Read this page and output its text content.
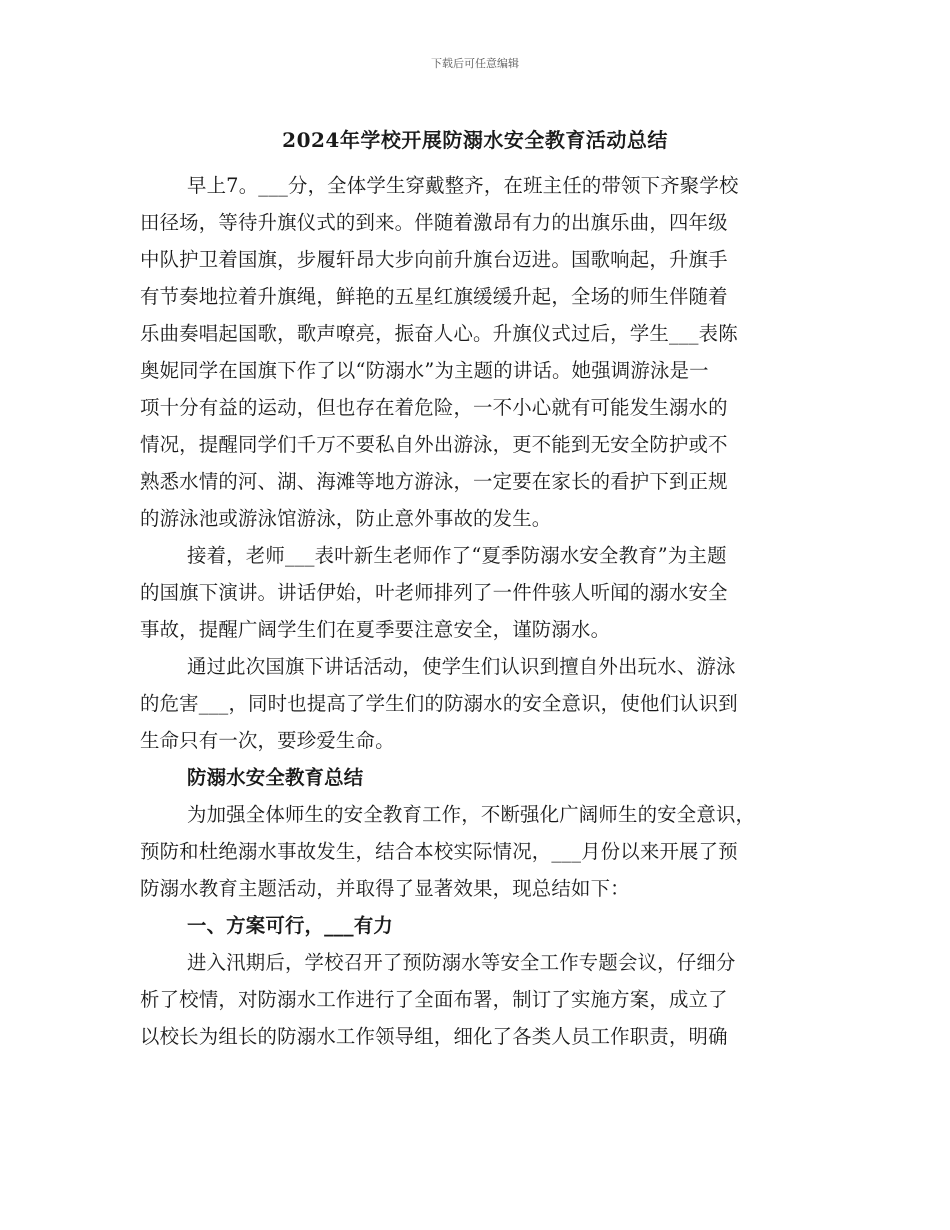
下载后可任意编辑
2024年学校开展防溺水安全教育活动总结
早上7。___分，全体学生穿戴整齐，在班主任的带领下齐聚学校
田径场，等待升旗仪式的到来。伴随着激昂有力的出旗乐曲，四年级
中队护卫着国旗，步履轩昂大步向前升旗台迈进。国歌响起，升旗手
有节奏地拉着升旗绳，鲜艳的五星红旗缓缓升起，全场的师生伴随着
乐曲奏唱起国歌，歌声嘹亮，振奋人心。升旗仪式过后，学生___表陈
奥妮同学在国旗下作了以“防溺水”为主题的讲话。她强调游泳是一
项十分有益的运动，但也存在着危险，一不小心就有可能发生溺水的
情况，提醒同学们千万不要私自外出游泳，更不能到无安全防护或不
熟悉水情的河、湖、海滩等地方游泳，一定要在家长的看护下到正规
的游泳池或游泳馆游泳，防止意外事故的发生。
接着，老师___表叶新生老师作了“夏季防溺水安全教育”为主题
的国旗下演讲。讲话伊始，叶老师排列了一件件骇人听闻的溺水安全
事故，提醒广阔学生们在夏季要注意安全，谨防溺水。
通过此次国旗下讲话活动，使学生们认识到擅自外出玩水、游泳
的危害___，同时也提高了学生们的防溺水的安全意识，使他们认识到
生命只有一次，要珍爱生命。
防溺水安全教育总结
为加强全体师生的安全教育工作，不断强化广阔师生的安全意识，
预防和杜绝溺水事故发生，结合本校实际情况，___月份以来开展了预
防溺水教育主题活动，并取得了显著效果，现总结如下：
一、方案可行，___有力
进入汛期后，学校召开了预防溺水等安全工作专题会议，仔细分
析了校情，对防溺水工作进行了全面布署，制订了实施方案，成立了
以校长为组长的防溺水工作领导组，细化了各类人员工作职责，明确
